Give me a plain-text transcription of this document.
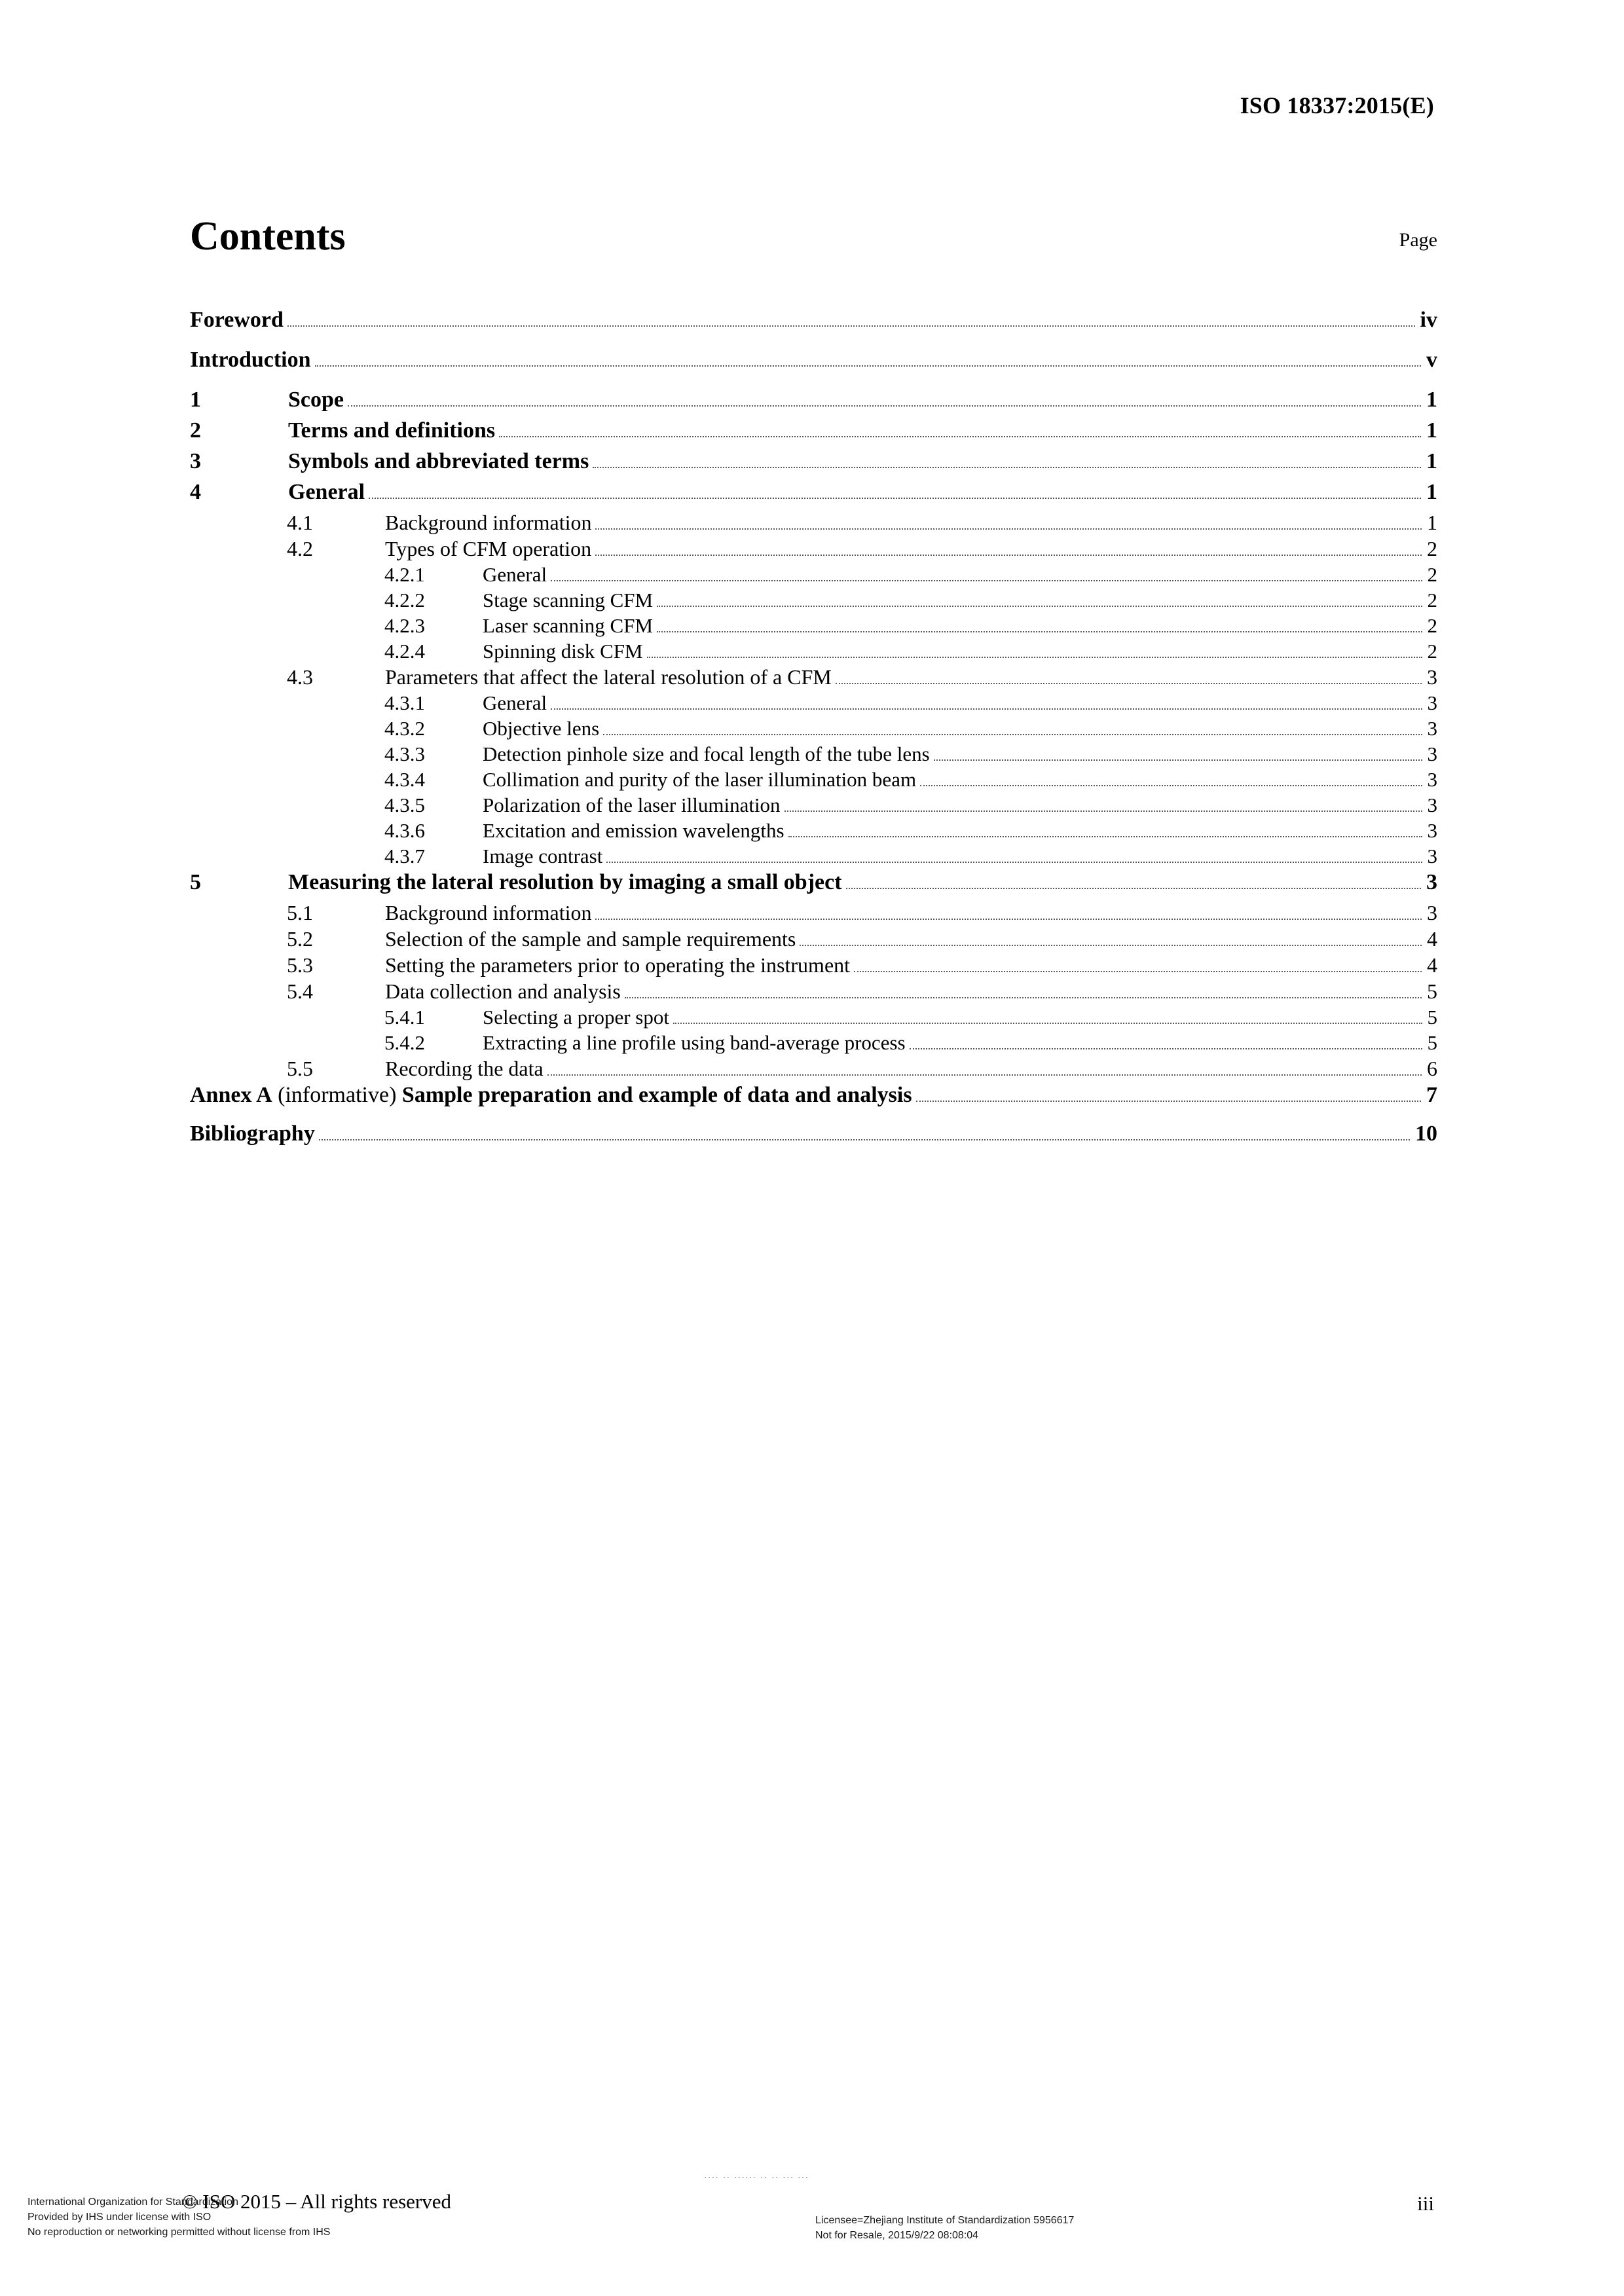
ISO 18337:2015(E)
Contents	Page
Foreword	iv
Introduction	v
1	Scope	1
2	Terms and definitions	1
3	Symbols and abbreviated terms	1
4	General	1
4.1	Background information	1
4.2	Types of CFM operation	2
4.2.1	General	2
4.2.2	Stage scanning CFM	2
4.2.3	Laser scanning CFM	2
4.2.4	Spinning disk CFM	2
4.3	Parameters that affect the lateral resolution of a CFM	3
4.3.1	General	3
4.3.2	Objective lens	3
4.3.3	Detection pinhole size and focal length of the tube lens	3
4.3.4	Collimation and purity of the laser illumination beam	3
4.3.5	Polarization of the laser illumination	3
4.3.6	Excitation and emission wavelengths	3
4.3.7	Image contrast	3
5	Measuring the lateral resolution by imaging a small object	3
5.1	Background information	3
5.2	Selection of the sample and sample requirements	4
5.3	Setting the parameters prior to operating the instrument	4
5.4	Data collection and analysis	5
5.4.1	Selecting a proper spot	5
5.4.2	Extracting a line profile using band-average process	5
5.5	Recording the data	6
Annex A (informative) Sample preparation and example of data and analysis	7
Bibliography	10
.... .. ...... .. .. ... ...
© ISO 2015 – All rights reserved	iii
International Organization for Standardization
Provided by IHS under license with ISO
No reproduction or networking permitted without license from IHS
Licensee=Zhejiang Institute of Standardization 5956617
Not for Resale, 2015/9/22 08:08:04
